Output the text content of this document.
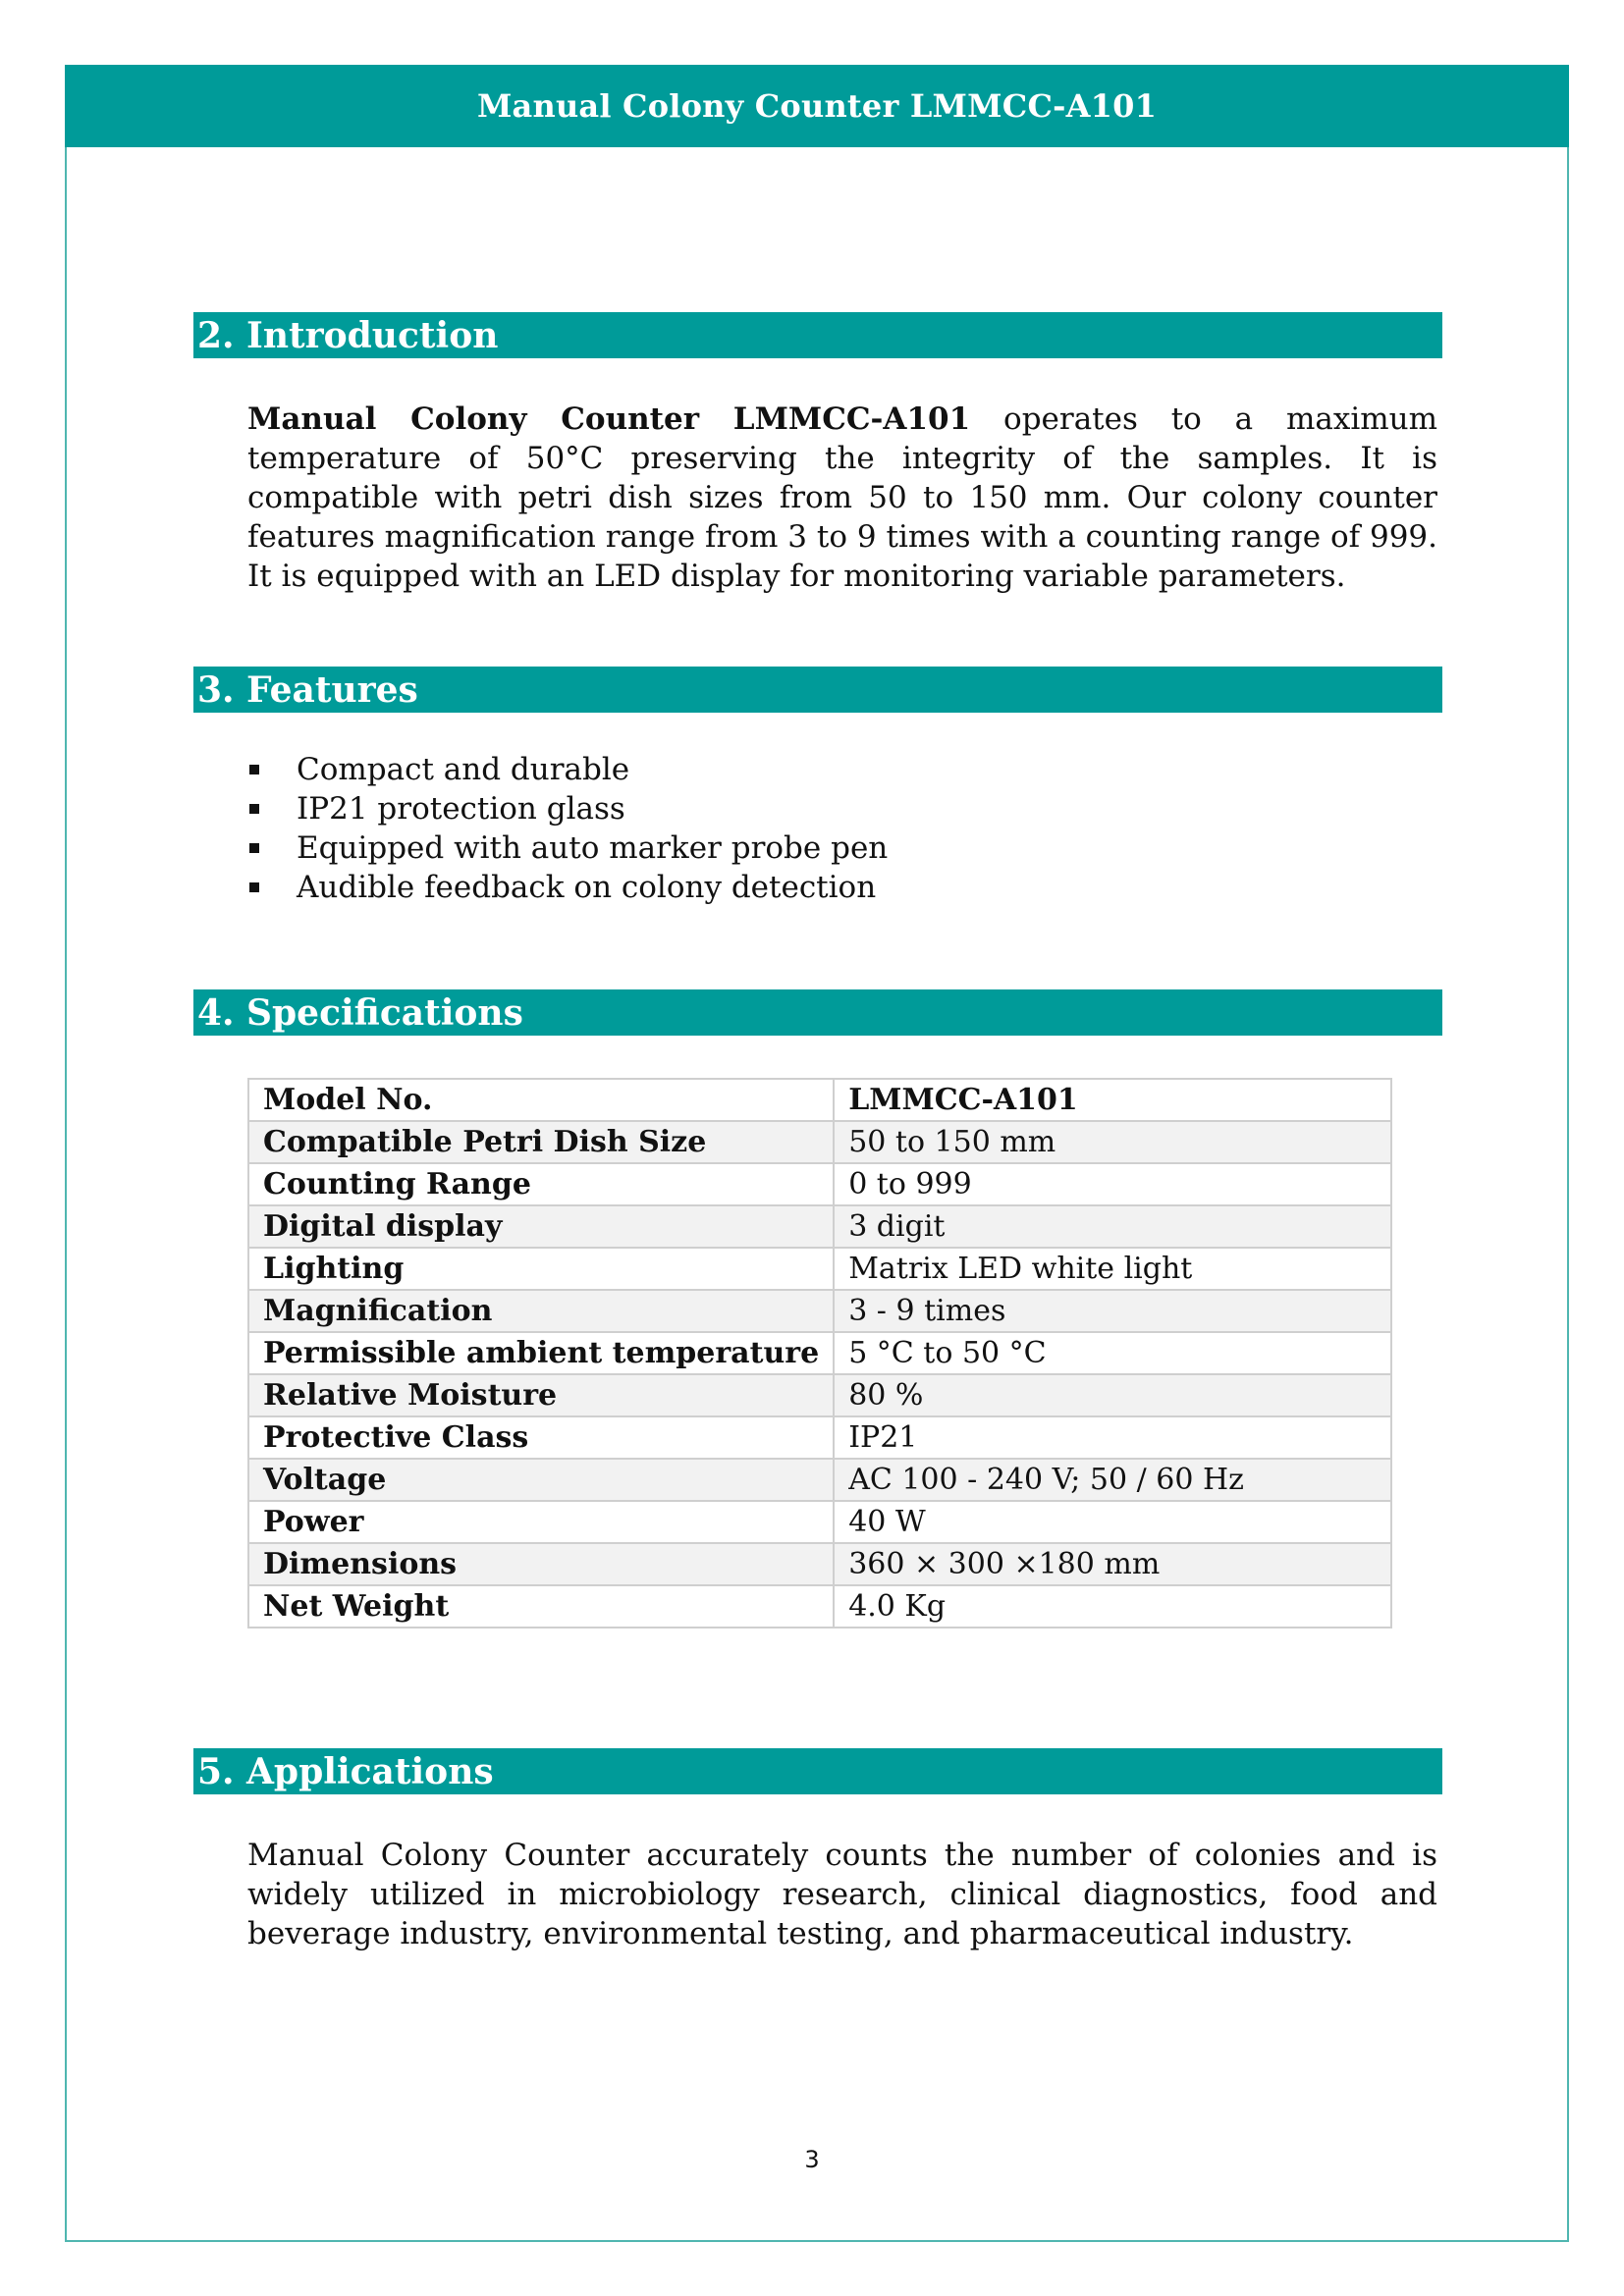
Manual Colony Counter LMMCC-A101
2. Introduction

Manual Colony Counter LMMCC-A101 operates to a maximum temperature of 50°C preserving the integrity of the samples. It is compatible with petri dish sizes from 50 to 150 mm. Our colony counter features magnification range from 3 to 9 times with a counting range of 999. It is equipped with an LED display for monitoring variable parameters.

3. Features
Compact and durable
IP21 protection glass
Equipped with auto marker probe pen
Audible feedback on colony detection
4. Specifications
Model No.	LMMCC-A101
Compatible Petri Dish Size	50 to 150 mm
Counting Range	0 to 999
Digital display	3 digit
Lighting	Matrix LED white light
Magnification	3 - 9 times
Permissible ambient temperature	5 °C to 50 °C
Relative Moisture	80 %
Protective Class	IP21
Voltage	AC 100 - 240 V; 50 / 60 Hz
Power	40 W
Dimensions	360 × 300 ×180 mm
Net Weight	4.0 Kg
5. Applications

Manual Colony Counter accurately counts the number of colonies and is widely utilized in microbiology research, clinical diagnostics, food and beverage industry, environmental testing, and pharmaceutical industry.

3
